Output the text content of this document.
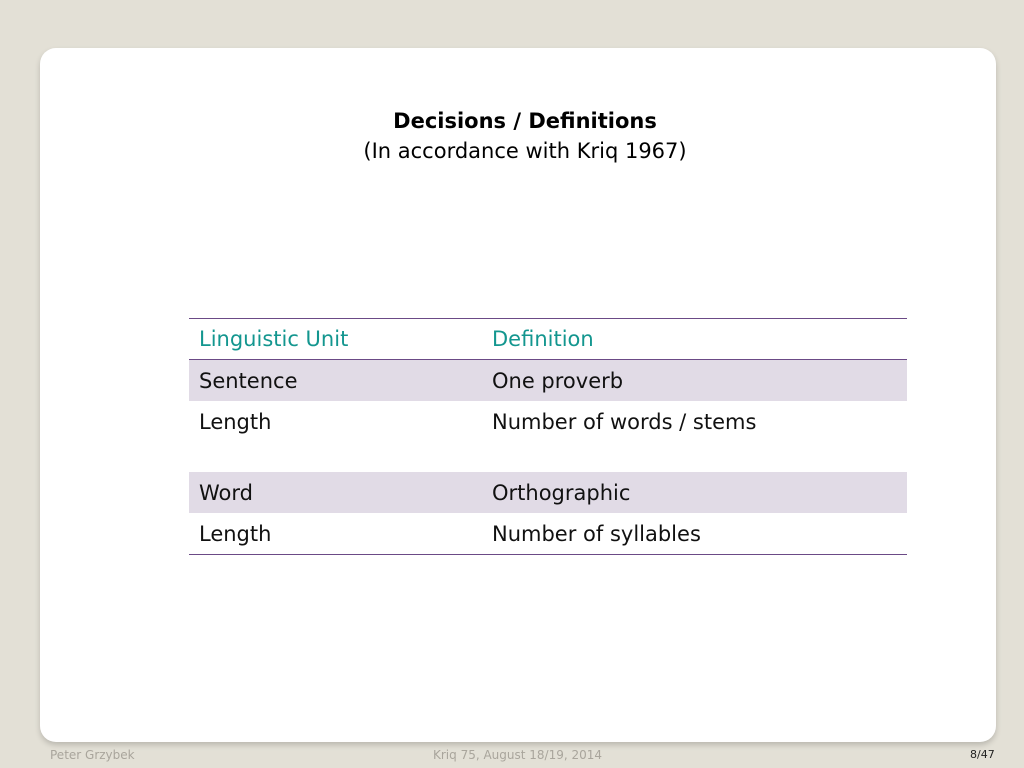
Decisions / Definitions
(In accordance with Kriq 1967)
Linguistic Unit	Definition
Sentence	One proverb
Length	Number of words / stems

Word	Orthographic
Length	Number of syllables
Peter Grzybek	Kriq 75, August 18/19, 2014	8/47
